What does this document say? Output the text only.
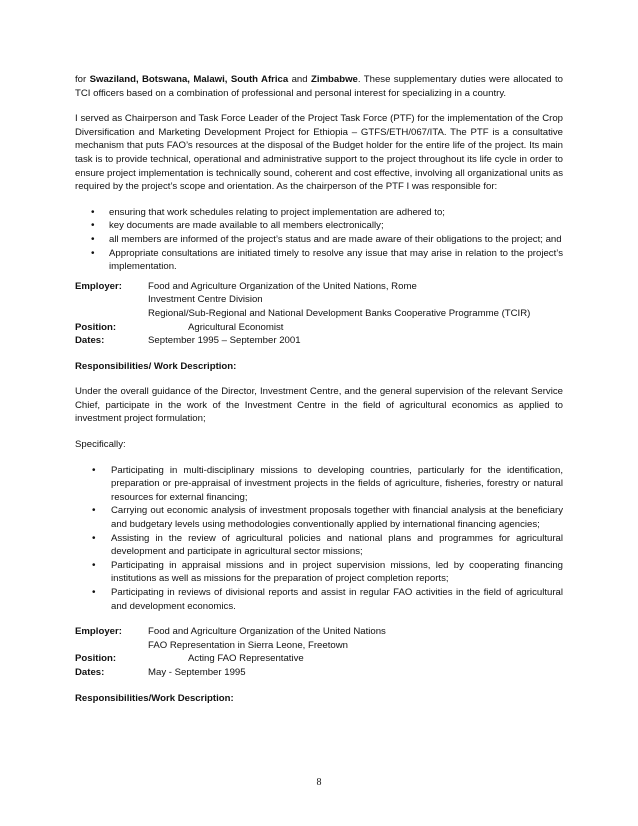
for Swaziland, Botswana, Malawi, South Africa and Zimbabwe. These supplementary duties were allocated to TCI officers based on a combination of professional and personal interest for specializing in a country.

I served as Chairperson and Task Force Leader of the Project Task Force (PTF) for the implementation of the Crop Diversification and Marketing Development Project for Ethiopia – GTFS/ETH/067/ITA. The PTF is a consultative mechanism that puts FAO’s resources at the disposal of the Budget holder for the entire life of the project. Its main task is to provide technical, operational and administrative support to the project throughout its life cycle in order to ensure project implementation is technically sound, coherent and cost effective, involving all organizational units as required by the project’s scope and orientation. As the chairperson of the PTF I was responsible for:

• ensuring that work schedules relating to project implementation are adhered to;
• key documents are made available to all members electronically;
• all members are informed of the project’s status and are made aware of their obligations to the project; and
• Appropriate consultations are initiated timely to resolve any issue that may arise in relation to the project’s implementation.
Employer:	Food and Agriculture Organization of the United Nations, Rome

Investment Centre Division

Regional/Sub-Regional and National Development Banks Cooperative Programme (TCIR)

Position:	Agricultural Economist
Dates:	September 1995 – September 2001

Responsibilities/ Work Description:

Under the overall guidance of the Director, Investment Centre, and the general supervision of the relevant Service Chief, participate in the work of the Investment Centre in the field of agricultural economics as applied to investment project formulation;

Specifically:

• Participating in multi-disciplinary missions to developing countries, particularly for the identification, preparation or pre-appraisal of investment projects in the fields of agriculture, fisheries, forestry or natural resources for external financing;
• Carrying out economic analysis of investment proposals together with financial analysis at the beneficiary and budgetary levels using methodologies conventionally applied by international financing agencies;
• Assisting in the review of agricultural policies and national plans and programmes for agricultural development and participate in agricultural sector missions;
• Participating in appraisal missions and in project supervision missions, led by cooperating financing institutions as well as missions for the preparation of project completion reports;
• Participating in reviews of divisional reports and assist in regular FAO activities in the field of agricultural and development economics.
Employer:	Food and Agriculture Organization of the United Nations

FAO Representation in Sierra Leone, Freetown

Position:	Acting FAO Representative
Dates:	May - September 1995

Responsibilities/Work Description:

8
